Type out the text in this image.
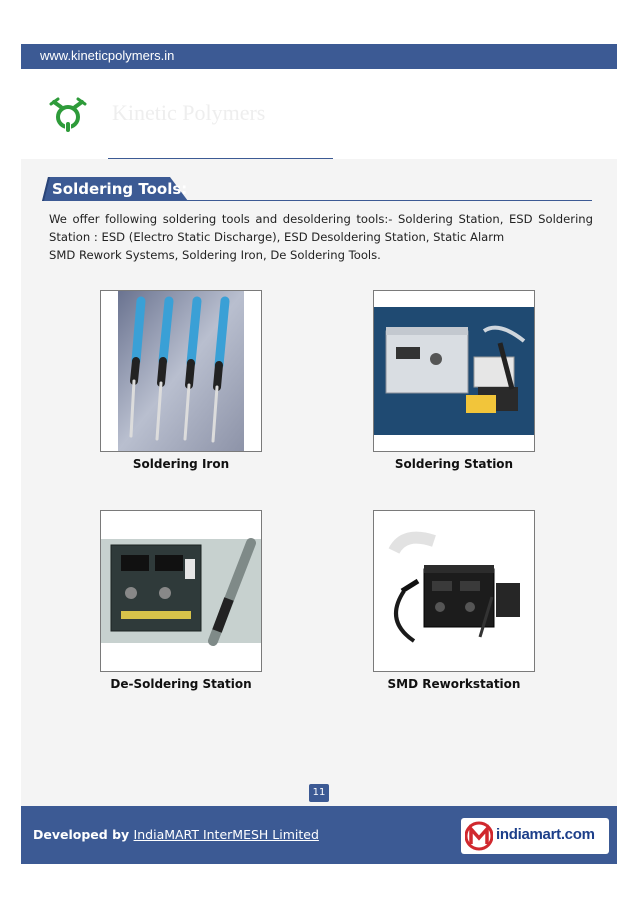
www.kineticpolymers.in
Kinetic Polymers
Soldering Tools:
We offer following soldering tools and desoldering tools:- Soldering Station, ESD Soldering
Station : ESD (Electro Static Discharge), ESD Desoldering Station, Static Alarm
SMD Rework Systems, Soldering Iron, De Soldering Tools.
Soldering Iron	Soldering Station
De-Soldering Station	SMD Reworkstation
11
Developed by IndiaMART InterMESH Limited	indiamart.com
